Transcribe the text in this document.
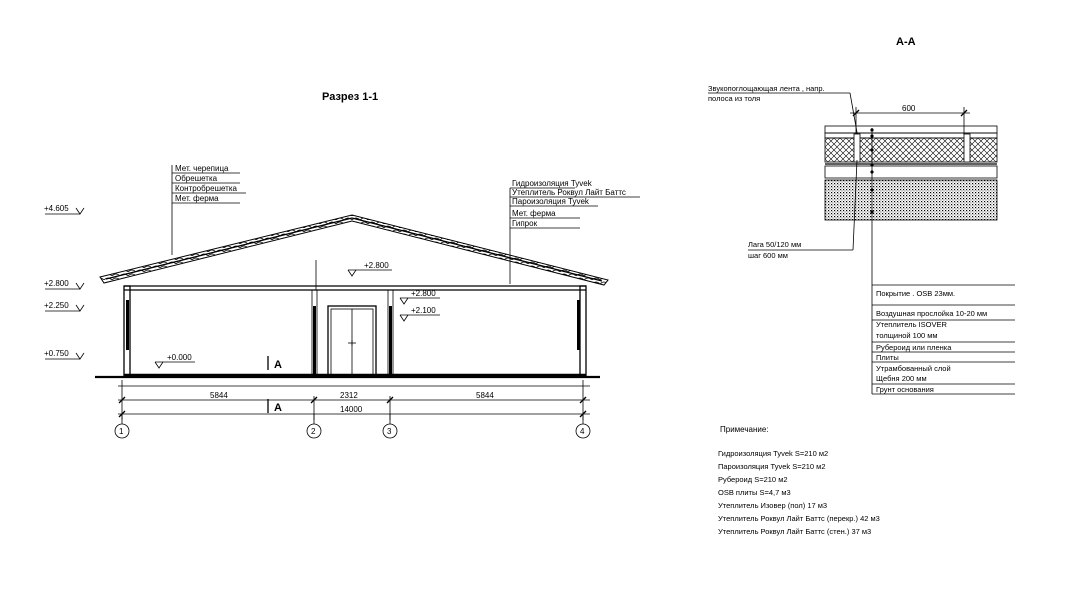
Разрез 1-1
Мет. черепица
Обрешетка
Контробрешетка
Мет. ферма
Гидроизоляция Tyvek
Утеплитель Роквул Лайт Баттс
Пароизоляция Tyvek
Мет. ферма
Гипрок
+4.605
+2.800
+2.250
+0.750	+0.000
+2.800
+2.800
+2.100
A
A
5844	2312	5844
14000
1	2	3	4
A-A
Звукопоглощающая лента , напр.
полоса из толя
600
Лага 50/120 мм
шаг 600 мм
Покрытие . OSB 23мм.
Воздушная прослойка 10-20 мм
Утеплитель ISOVER
толщиной 100 мм
Рубероид или пленка
Плиты
Утрамбованный слой
Щебня 200 мм
Грунт основания
Примечание:
Гидроизоляция Tyvek S=210 м2
Пароизоляция Tyvek S=210 м2
Рубероид S=210 м2
OSB плиты S=4,7 м3
Утеплитель Изовер (пол) 17 м3
Утеплитель Роквул Лайт Баттс (перекр.) 42 м3
Утеплитель Роквул Лайт Баттс (стен.) 37 м3
